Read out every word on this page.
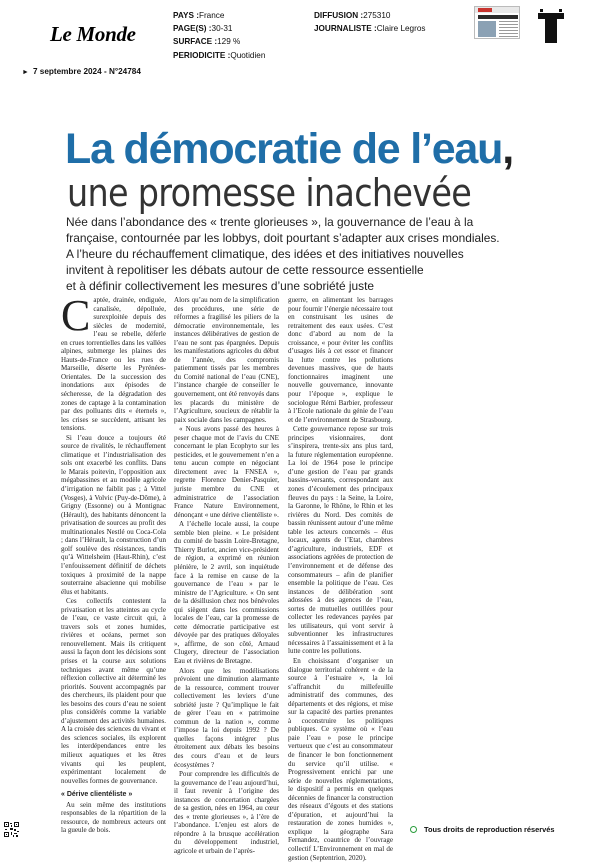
Le Monde
PAYS :France
PAGE(S) :30-31
SURFACE :129 %
PERIODICITE :Quotidien
DIFFUSION :275310
JOURNALISTE :Claire Legros
► 7 septembre 2024 - N°24784
La démocratie de l’eau,
une promesse inachevée
Née dans l’abondance des « trente glorieuses », la gouvernance de l’eau à la
française, contournée par les lobbys, doit pourtant s’adapter aux crises mondiales.
A l’heure du réchauffement climatique, des idées et des initiatives nouvelles
invitent à repolitiser les débats autour de cette ressource essentielle
et à définir collectivement les mesures d’une sobriété juste
C aptée, drainée, endiguée, canalisée, dépolluée, surexploitée depuis des siècles de modernité, l’eau se rebelle, déferle en crues torrentielles dans les vallées alpines, submerge les plaines des Hauts-de-France ou les rues de Marseille, déserte les Pyrénées-Orientales. De la succession des inondations aux épisodes de sécheresse, de la dégradation des zones de captage à la contamination par des polluants dits « éternels », les crises se succèdent, attisant les tensions.

Si l’eau douce a toujours été source de rivalités, le réchauffement climatique et l’industrialisation des sols ont exacerbé les conflits. Dans le Marais poitevin, l’opposition aux mégabassines et au modèle agricole d’irrigation ne faiblit pas ; à Vittel (Vosges), à Volvic (Puy-de-Dôme), à Grigny (Essonne) ou à Montignac (Hérault), des habitants dénoncent la privatisation de sources au profit des multinationales Nestlé ou Coca-Cola ; dans l’Hérault, la construction d’un golf soulève des résistances, tandis qu’à Wittelsheim (Haut-Rhin), c’est l’enfouissement définitif de déchets toxiques à proximité de la nappe souterraine alsacienne qui mobilise élus et habitants.

Ces collectifs contestent la privatisation et les atteintes au cycle de l’eau, ce vaste circuit qui, à travers sols et zones humides, rivières et océans, permet son renouvellement. Mais ils critiquent aussi la façon dont les décisions sont prises et la course aux solutions techniques avant même qu’une réflexion collective ait déterminé les priorités. Souvent accompagnés par des chercheurs, ils plaident pour que les besoins des cours d’eau ne soient plus considérés comme la variable d’ajustement des activités humaines. A la croisée des sciences du vivant et des sciences sociales, ils explorent les interdépendances entre les milieux aquatiques et les êtres vivants qui les peuplent, expérimentant localement de nouvelles formes de gouvernance.

« Dérive clientéliste »

Au sein même des institutions responsables de la répartition de la ressource, de nombreux acteurs ont la gueule de bois.

Alors qu’au nom de la simplification des procédures, une série de réformes a fragilisé les piliers de la démocratie environnementale, les instances délibératives de gestion de l’eau ne sont pas épargnées. Depuis les manifestations agricoles du début de l’année, des compromis patiemment tissés par les membres du Comité national de l’eau (CNE), l’instance chargée de conseiller le gouvernement, ont été renvoyés dans les placards du ministère de l’Agriculture, soucieux de rétablir la paix sociale dans les campagnes.

« Nous avons passé des heures à peser chaque mot de l’avis du CNE concernant le plan Ecophyto sur les pesticides, et le gouvernement n’en a tenu aucun compte en négociant directement avec la FNSEA », regrette Florence Denier-Pasquier, juriste membre du CNE et administratrice de l’association France Nature Environnement, dénonçant « une dérive clientéliste ».

A l’échelle locale aussi, la coupe semble bien pleine. « Le président du comité de bassin Loire-Bretagne, Thierry Burlot, ancien vice-président de région, a exprimé en réunion plénière, le 2 avril, son inquiétude face à la remise en cause de la gouvernance de l’eau » par le ministre de l’Agriculture. « On sent de la désillusion chez nos bénévoles qui siègent dans les commissions locales de l’eau, car la promesse de cette démocratie participative est dévoyée par des pratiques déloyales », affirme, de son côté, Arnaud Clugery, directeur de l’association Eau et rivières de Bretagne.

Alors que les modélisations prévoient une diminution alarmante de la ressource, comment trouver collectivement les leviers d’une sobriété juste ? Qu’implique le fait de gérer l’eau en « patrimoine commun de la nation », comme l’impose la loi depuis 1992 ? De quelles façons intégrer plus étroitement aux débats les besoins des cours d’eau et de leurs écosystèmes ?

Pour comprendre les difficultés de la gouvernance de l’eau aujourd’hui, il faut revenir à l’origine des instances de concertation chargées de sa gestion, nées en 1964, au cœur des « trente glorieuses », à l’ère de l’abondance. L’enjeu est alors de répondre à la brusque accélération du développement industriel, agricole et urbain de l’après-

guerre, en alimentant les barrages pour fournir l’énergie nécessaire tout en construisant les usines de retraitement des eaux usées. C’est donc d’abord au nom de la croissance, « pour éviter les conflits d’usages liés à cet essor et financer la lutte contre les pollutions devenues massives, que de hauts fonctionnaires imaginent une nouvelle gouvernance, innovante pour l’époque », explique le sociologue Rémi Barbier, professeur à l’Ecole nationale du génie de l’eau et de l’environnement de Strasbourg.

Cette gouvernance repose sur trois principes visionnaires, dont s’inspirera, trente-six ans plus tard, la future réglementation européenne. La loi de 1964 pose le principe d’une gestion de l’eau par grands bassins-versants, correspondant aux zones d’écoulement des principaux fleuves du pays : la Seine, la Loire, la Garonne, le Rhône, le Rhin et les rivières du Nord. Des comités de bassin réunissent autour d’une même table les acteurs concernés – élus locaux, agents de l’Etat, chambres d’agriculture, industriels, EDF et associations agréées de protection de l’environnement et de défense des consommateurs – afin de planifier ensemble la politique de l’eau. Ces instances de délibération sont adossées à des agences de l’eau, sortes de mutuelles outillées pour collecter les redevances payées par les utilisateurs, qui vont servir à subventionner les infrastructures nécessaires à l’assainissement et à la lutte contre les pollutions.

En choisissant d’organiser un dialogue territorial cohérent « de la source à l’estuaire », la loi s’affranchit du millefeuille administratif des communes, des départements et des régions, et mise sur la capacité des parties prenantes à coconstruire les politiques publiques. Ce système où « l’eau paie l’eau » pose le principe vertueux que c’est au consommateur de financer le bon fonctionnement du service qu’il utilise. « Progressivement enrichi par une série de nouvelles réglementations, le dispositif a permis en quelques décennies de financer la construction des réseaux d’égouts et des stations d’épuration, et aujourd’hui la restauration de zones humides », explique la géographe Sara Fernandez, coautrice de l’ouvrage collectif L’Environnement en mal de gestion (Septentrion, 2020).

Tous droits de reproduction réservés
